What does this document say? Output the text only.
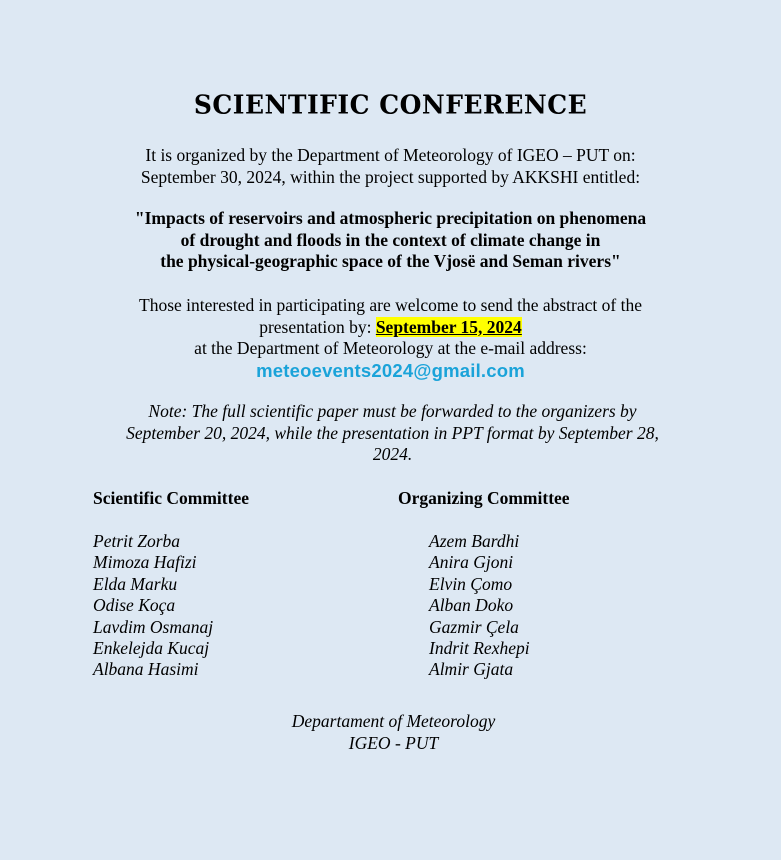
SCIENTIFIC CONFERENCE
It is organized by the Department of Meteorology of IGEO – PUT on:
September 30, 2024, within the project supported by AKKSHI entitled:
"Impacts of reservoirs and atmospheric precipitation on phenomena
of drought and floods in the context of climate change in
the physical-geographic space of the Vjosë and Seman rivers"
Those interested in participating are welcome to send the abstract of the
presentation by: September 15, 2024
at the Department of Meteorology at the e-mail address:
meteoevents2024@gmail.com
Note: The full scientific paper must be forwarded to the organizers by
September 20, 2024, while the presentation in PPT format by September 28,
2024.
Scientific Committee	Organizing Committee
Petrit Zorba
Mimoza Hafizi
Elda Marku
Odise Koça
Lavdim Osmanaj
Enkelejda Kucaj
Albana Hasimi
Azem Bardhi
Anira Gjoni
Elvin Çomo
Alban Doko
Gazmir Çela
Indrit Rexhepi
Almir Gjata
Departament of Meteorology
IGEO - PUT
